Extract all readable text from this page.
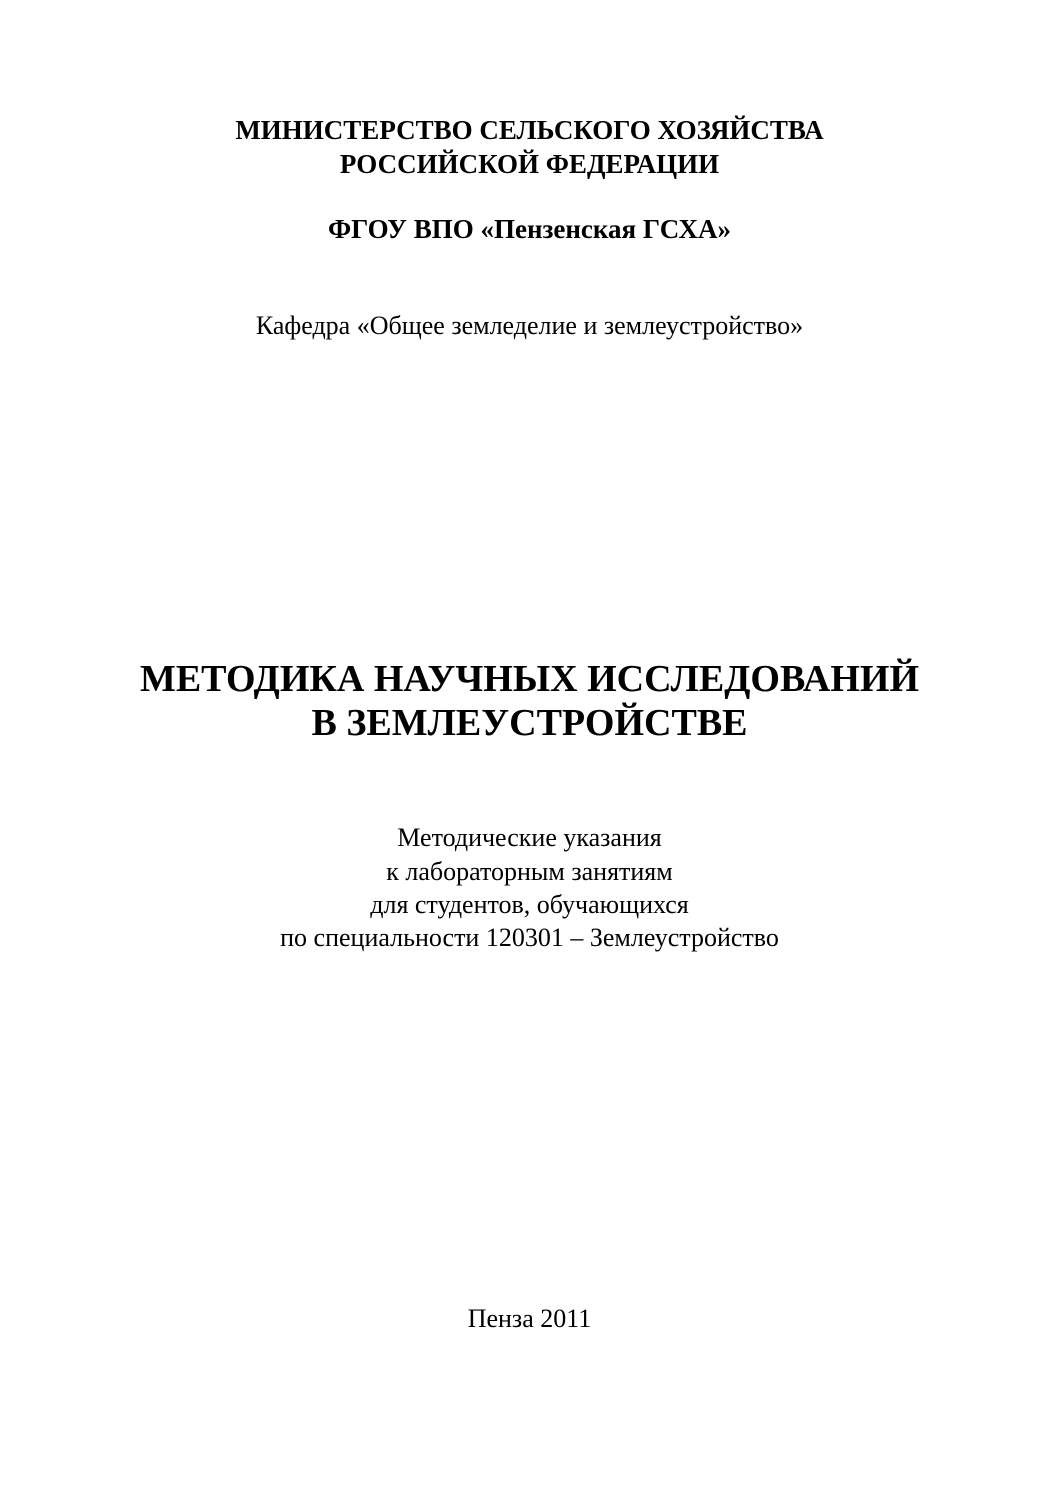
МИНИСТЕРСТВО СЕЛЬСКОГО ХОЗЯЙСТВА
РОССИЙСКОЙ ФЕДЕРАЦИИ
ФГОУ ВПО «Пензенская ГСХА»
Кафедра «Общее земледелие и землеустройство»
МЕТОДИКА НАУЧНЫХ ИССЛЕДОВАНИЙ
В ЗЕМЛЕУСТРОЙСТВЕ
Методические указания
к лабораторным занятиям
для студентов, обучающихся
по специальности 120301 – Землеустройство
Пенза 2011
